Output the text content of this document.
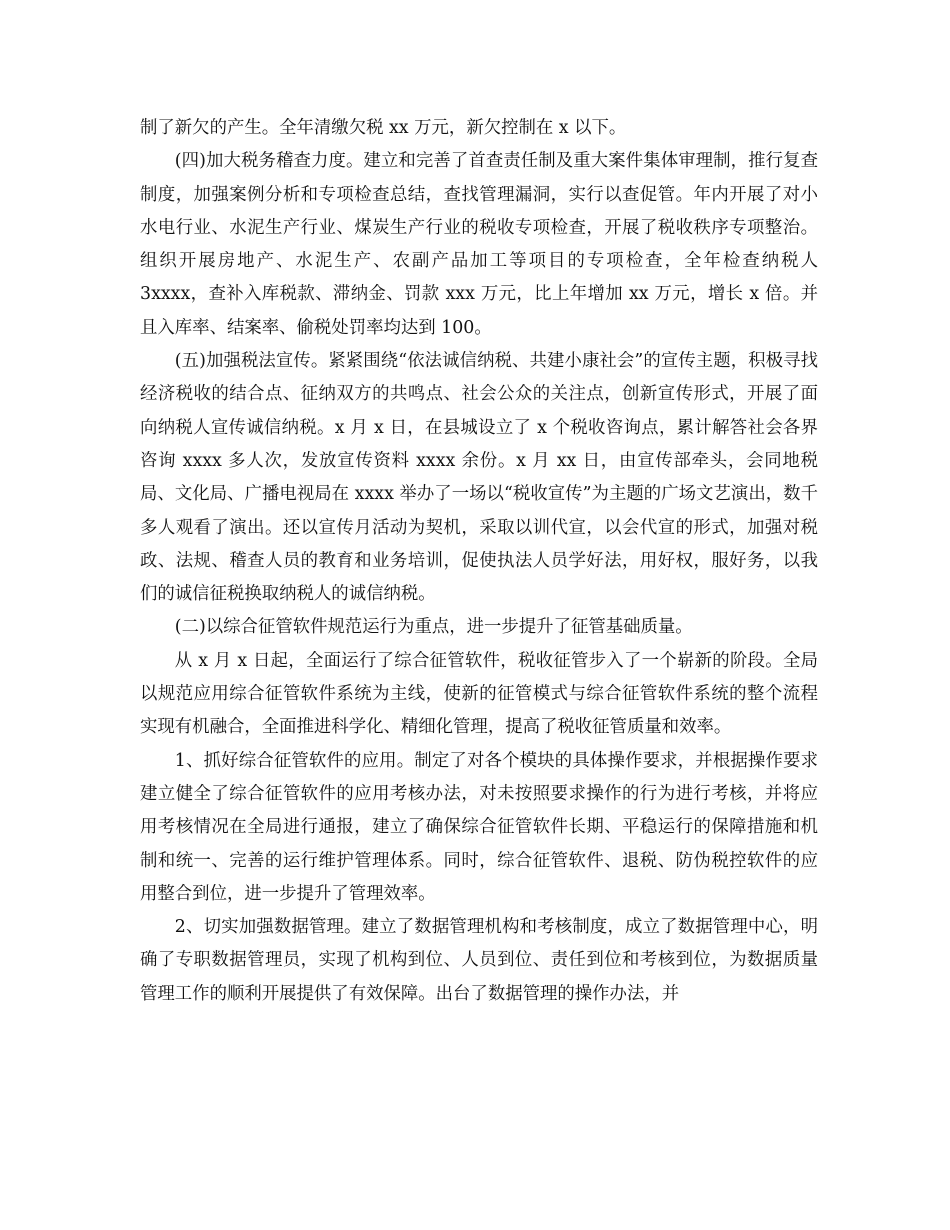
制了新欠的产生。全年清缴欠税 xx 万元，新欠控制在 x 以下。

(四)加大税务稽查力度。建立和完善了首查责任制及重大案件集体审理制，推行复查制度，加强案例分析和专项检查总结，查找管理漏洞，实行以查促管。年内开展了对小水电行业、水泥生产行业、煤炭生产行业的税收专项检查，开展了税收秩序专项整治。组织开展房地产、水泥生产、农副产品加工等项目的专项检查，全年检查纳税人 3xxxx，查补入库税款、滞纳金、罚款 xxx 万元，比上年增加 xx 万元，增长 x 倍。并且入库率、结案率、偷税处罚率均达到 100。

(五)加强税法宣传。紧紧围绕“依法诚信纳税、共建小康社会”的宣传主题，积极寻找经济税收的结合点、征纳双方的共鸣点、社会公众的关注点，创新宣传形式，开展了面向纳税人宣传诚信纳税。x 月 x 日，在县城设立了 x 个税收咨询点，累计解答社会各界咨询 xxxx 多人次，发放宣传资料 xxxx 余份。x 月 xx 日，由宣传部牵头，会同地税局、文化局、广播电视局在 xxxx 举办了一场以“税收宣传”为主题的广场文艺演出，数千多人观看了演出。还以宣传月活动为契机，采取以训代宣，以会代宣的形式，加强对税政、法规、稽查人员的教育和业务培训，促使执法人员学好法，用好权，服好务，以我们的诚信征税换取纳税人的诚信纳税。

(二)以综合征管软件规范运行为重点，进一步提升了征管基础质量。

从 x 月 x 日起，全面运行了综合征管软件，税收征管步入了一个崭新的阶段。全局以规范应用综合征管软件系统为主线，使新的征管模式与综合征管软件系统的整个流程实现有机融合，全面推进科学化、精细化管理，提高了税收征管质量和效率。

1、抓好综合征管软件的应用。制定了对各个模块的具体操作要求，并根据操作要求建立健全了综合征管软件的应用考核办法，对未按照要求操作的行为进行考核，并将应用考核情况在全局进行通报，建立了确保综合征管软件长期、平稳运行的保障措施和机制和统一、完善的运行维护管理体系。同时，综合征管软件、退税、防伪税控软件的应用整合到位，进一步提升了管理效率。

2、切实加强数据管理。建立了数据管理机构和考核制度，成立了数据管理中心，明确了专职数据管理员，实现了机构到位、人员到位、责任到位和考核到位，为数据质量管理工作的顺利开展提供了有效保障。出台了数据管理的操作办法，并
